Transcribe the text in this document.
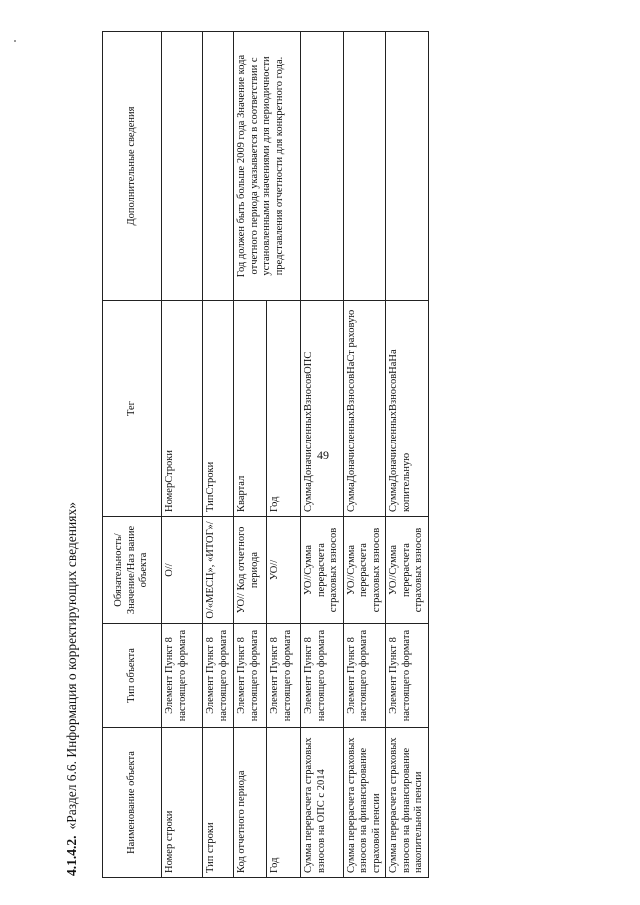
49
4.1.4.2.«Раздел 6.6. Информация о корректирующих сведениях»	Наименование объекта	Тип объекта	Обязательность/Значение/Наз вание объекта	Тег	Дополнительные сведения
Номер строки	Элемент Пункт 8 настоящего формата	О//	НомерСтроки	
Тип строки	Элемент Пункт 8 настоящего формата	О/«МЕСЦ», «ИТОГ»/	ТипСтроки	
Код отчетного периода	Элемент Пункт 8 настоящего формата	УО// Код отчетного периода	Квартал	Год должен быть больше 2009 года Значение кода отчетного периода указывается в соответствии с установленными значениями для периодичности представления отчетности для конкретного года.
Год	Элемент Пункт 8 настоящего формата	УО//	Год	
Сумма перерасчета страховых взносов на ОПС с 2014	Элемент Пункт 8 настоящего формата	УО//Сумма перерасчета страховых взносов	СуммаДоначисленныхВзносовОПС	
Сумма перерасчета страховых взносов на финансирование страховой пенсии	Элемент Пункт 8 настоящего формата	УО//Сумма перерасчета страховых взносов	СуммаДоначисленныхВзносовНаСт раховую	
Сумма перерасчета страховых взносов на финансирование накопительной пенсии	Элемент Пункт 8 настоящего формата	УО//Сумма перерасчета страховых взносов	СуммаДоначисленныхВзносовНаНа копительную	
